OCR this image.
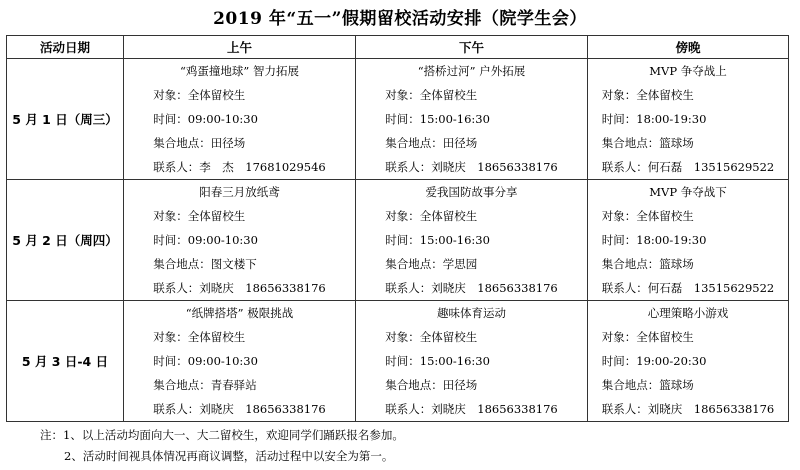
2019 年“五一”假期留校活动安排（院学生会）
活动日期	上午	下午	傍晚
5 月 1 日（周三）	“鸡蛋撞地球” 智力拓展
对象：全体留校生
时间：09:00-10:30
集合地点：田径场
联系人：李　杰　17681029546	“搭桥过河” 户外拓展
对象：全体留校生
时间：15:00-16:30
集合地点：田径场
联系人：刘晓庆　18656338176	MVP 争夺战上
对象：全体留校生
时间：18:00-19:30
集合地点：篮球场
联系人：何石磊　13515629522

5 月 2 日（周四）	阳春三月放纸鸢
对象：全体留校生
时间：09:00-10:30
集合地点：图文楼下
联系人：刘晓庆　18656338176	爱我国防故事分享
对象：全体留校生
时间：15:00-16:30
集合地点：学思园
联系人：刘晓庆　18656338176	MVP 争夺战下
对象：全体留校生
时间：18:00-19:30
集合地点：篮球场
联系人：何石磊　13515629522

5 月 3 日-4 日	“纸牌搭塔” 极限挑战
对象：全体留校生
时间：09:00-10:30
集合地点：青春驿站
联系人：刘晓庆　18656338176	趣味体育运动
对象：全体留校生
时间：15:00-16:30
集合地点：田径场
联系人：刘晓庆　18656338176	心理策略小游戏
对象：全体留校生
时间：19:00-20:30
集合地点：篮球场
联系人：刘晓庆　18656338176
注：1、以上活动均面向大一、大二留校生，欢迎同学们踊跃报名参加。
2、活动时间视具体情况再商议调整，活动过程中以安全为第一。
